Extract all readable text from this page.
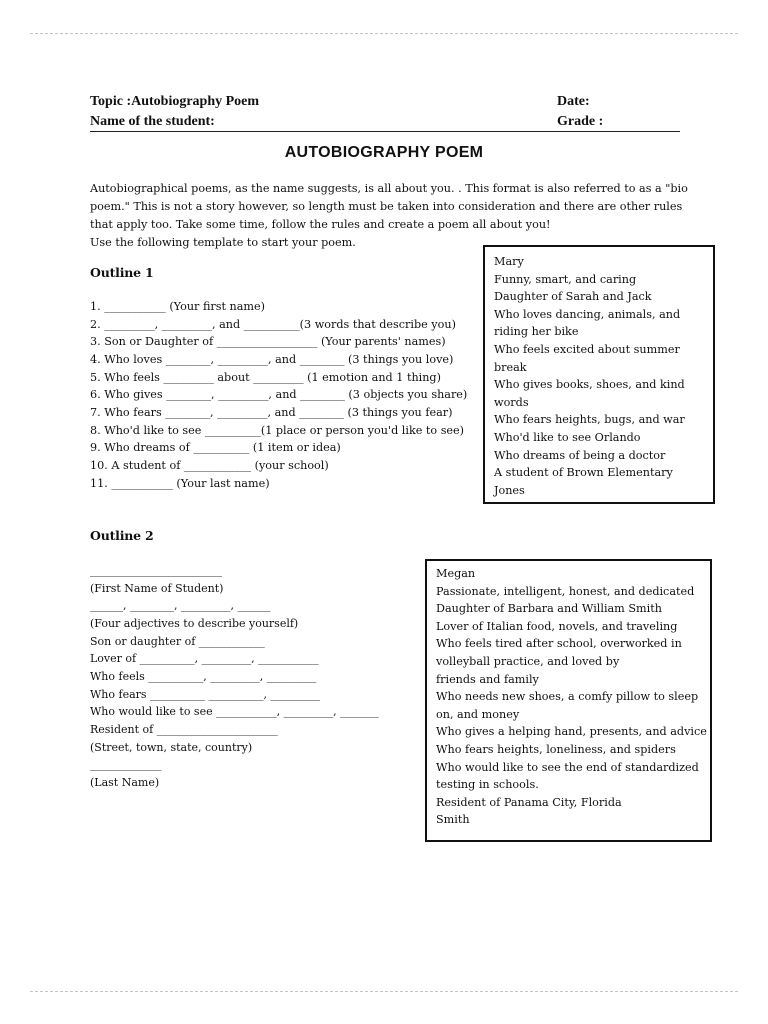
Topic :Autobiography Poem
Name of the student:
Date:
Grade :
AUTOBIOGRAPHY POEM
Autobiographical poems, as the name suggests, is all about you. . This format is also referred to as a "bio
poem." This is not a story however, so length must be taken into consideration and there are other rules
that apply too. Take some time, follow the rules and create a poem all about you!
Use the following template to start your poem.
Outline 1
1. ___________ (Your first name)
2. _________, _________, and __________(3 words that describe you)
3. Son or Daughter of __________________ (Your parents' names)
4. Who loves ________, _________, and ________ (3 things you love)
5. Who feels _________ about _________ (1 emotion and 1 thing)
6. Who gives ________, _________, and ________ (3 objects you share)
7. Who fears ________, _________, and ________ (3 things you fear)
8. Who'd like to see __________(1 place or person you'd like to see)
9. Who dreams of __________ (1 item or idea)
10. A student of ____________ (your school)
11. ___________ (Your last name)
Mary
Funny, smart, and caring
Daughter of Sarah and Jack
Who loves dancing, animals, and
riding her bike
Who feels excited about summer
break
Who gives books, shoes, and kind
words
Who fears heights, bugs, and war
Who'd like to see Orlando
Who dreams of being a doctor
A student of Brown Elementary
Jones
Outline 2
________________________
(First Name of Student)
______, ________, _________, ______
(Four adjectives to describe yourself)
Son or daughter of ____________
Lover of __________, _________, ___________
Who feels __________, _________, _________
Who fears __________ __________, _________
Who would like to see ___________, _________, _______
Resident of ______________________
(Street, town, state, country)
_____________
(Last Name)
Megan
Passionate, intelligent, honest, and dedicated
Daughter of Barbara and William Smith
Lover of Italian food, novels, and traveling
Who feels tired after school, overworked in
volleyball practice, and loved by
friends and family
Who needs new shoes, a comfy pillow to sleep
on, and money
Who gives a helping hand, presents, and advice
Who fears heights, loneliness, and spiders
Who would like to see the end of standardized
testing in schools.
Resident of Panama City, Florida
Smith
